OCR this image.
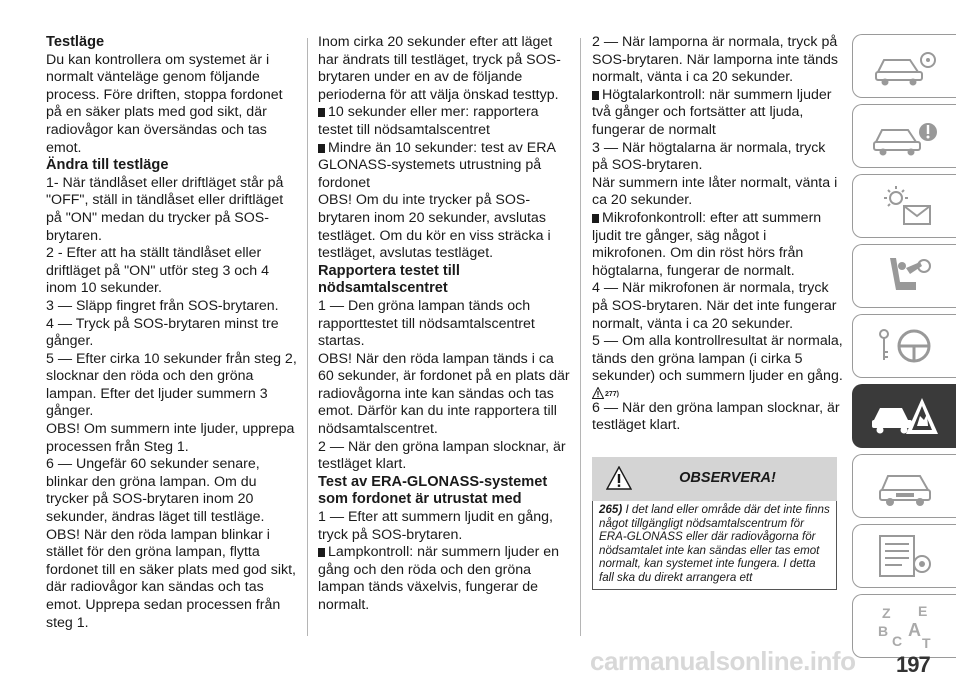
Testläge

Du kan kontrollera om systemet är i normalt vänteläge genom följande process. Före driften, stoppa fordonet på en säker plats med god sikt, där radiovågor kan översändas och tas emot.

Ändra till testläge

1- När tändlåset eller driftläget står på "OFF", ställ in tändlåset eller driftläget på "ON" medan du trycker på SOS-brytaren.

2 - Efter att ha ställt tändlåset eller driftläget på "ON" utför steg 3 och 4 inom 10 sekunder.

3 — Släpp fingret från SOS-brytaren.

4 — Tryck på SOS-brytaren minst tre gånger.

5 — Efter cirka 10 sekunder från steg 2, slocknar den röda och den gröna lampan. Efter det ljuder summern 3 gånger.

OBS! Om summern inte ljuder, upprepa processen från Steg 1.

6 — Ungefär 60 sekunder senare, blinkar den gröna lampan. Om du trycker på SOS-brytaren inom 20 sekunder, ändras läget till testläge.

OBS! När den röda lampan blinkar i stället för den gröna lampan, flytta fordonet till en säker plats med god sikt, där radiovågor kan sändas och tas emot. Upprepa sedan processen från steg 1.

Inom cirka 20 sekunder efter att läget har ändrats till testläget, tryck på SOS-brytaren under en av de följande perioderna för att välja önskad testtyp.

10 sekunder eller mer: rapportera testet till nödsamtalscentret

Mindre än 10 sekunder: test av ERA GLONASS-systemets utrustning på fordonet

OBS! Om du inte trycker på SOS-brytaren inom 20 sekunder, avslutas testläget. Om du kör en viss sträcka i testläget, avslutas testläget.

Rapportera testet till nödsamtalscentret

1 — Den gröna lampan tänds och rapporttestet till nödsamtalscentret startas.

OBS! När den röda lampan tänds i ca 60 sekunder, är fordonet på en plats där radiovågorna inte kan sändas och tas emot. Därför kan du inte rapportera till nödsamtalscentret.

2 — När den gröna lampan slocknar, är testläget klart.

Test av ERA-GLONASS-systemet som fordonet är utrustat med

1 — Efter att summern ljudit en gång, tryck på SOS-brytaren.

Lampkontroll: när summern ljuder en gång och den röda och den gröna lampan tänds växelvis, fungerar de normalt.

2 — När lamporna är normala, tryck på SOS-brytaren. När lamporna inte tänds normalt, vänta i ca 20 sekunder.

Högtalarkontroll: när summern ljuder två gånger och fortsätter att ljuda, fungerar de normalt

3 — När högtalarna är normala, tryck på SOS-brytaren.

När summern inte låter normalt, vänta i ca 20 sekunder.

Mikrofonkontroll: efter att summern ljudit tre gånger, säg något i mikrofonen. Om din röst hörs från högtalarna, fungerar de normalt.

4 — När mikrofonen är normala, tryck på SOS-brytaren. När det inte fungerar normalt, vänta i ca 20 sekunder.

5 — Om alla kontrollresultat är normala, tänds den gröna lampan (i cirka 5 sekunder) och summern ljuder en gång.

277)

6 — När den gröna lampan slocknar, är testläget klart.

OBSERVERA!
265) I det land eller område där det inte finns något tillgängligt nödsamtalscentrum för ERA-GLONASS eller där radiovågorna för nödsamtalet inte kan sändas eller tas emot normalt, kan systemet inte fungera. I detta fall ska du direkt arrangera ett
Z E
B A
C T
carmanualsonline.info 197
